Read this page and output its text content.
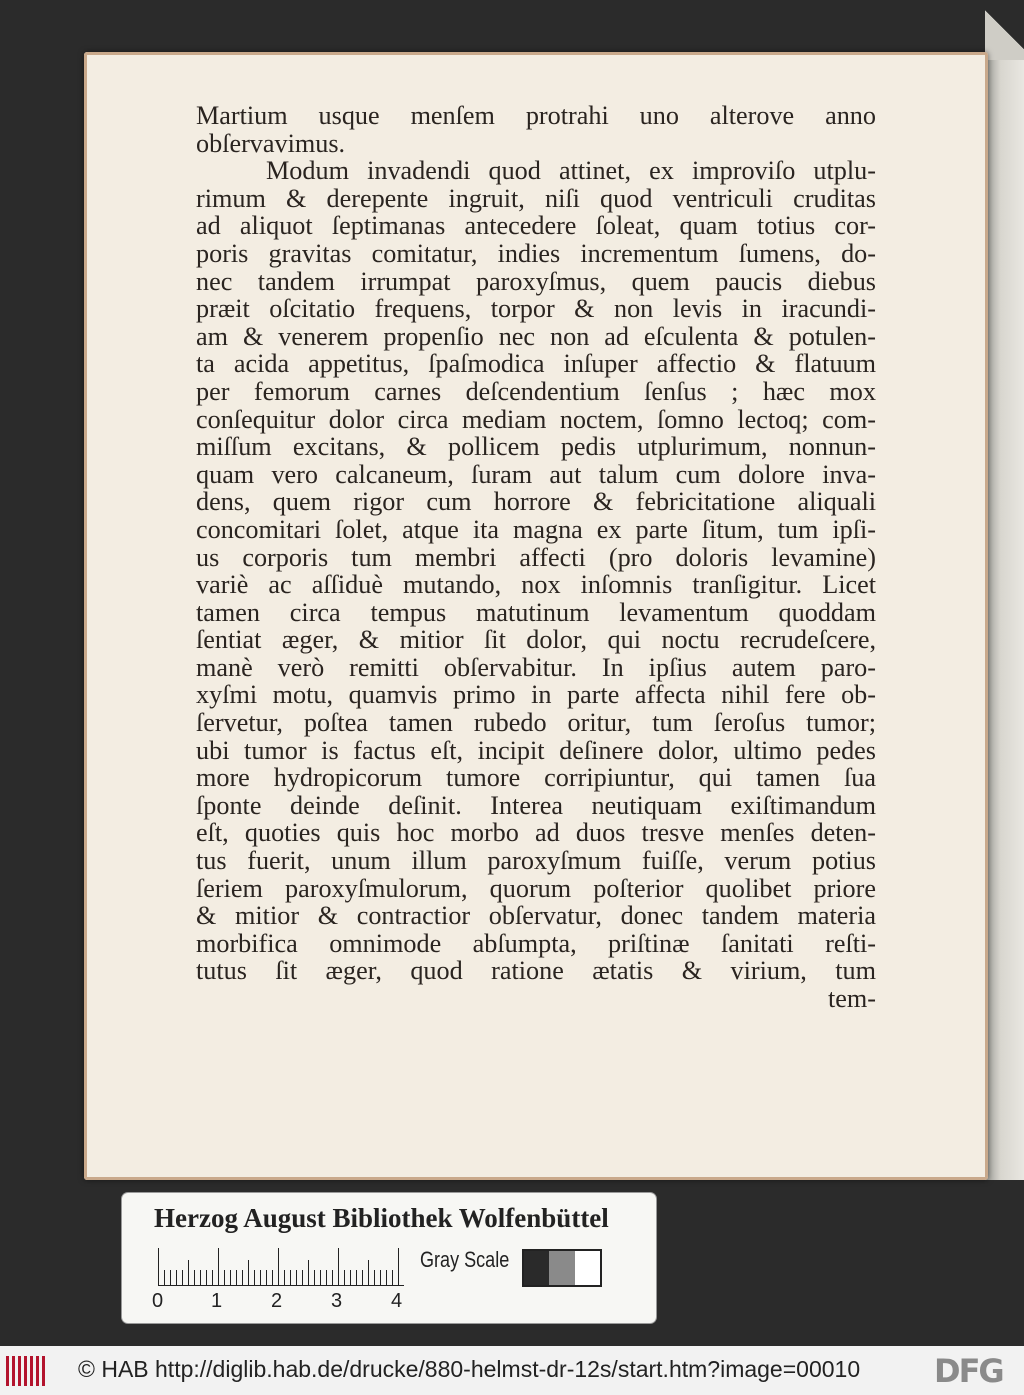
Martium usque menſem protrahi uno alterove anno
obſervavimus.
Modum invadendi quod attinet, ex improviſo utplu-
rimum & derepente ingruit, niſi quod ventriculi cruditas
ad aliquot ſeptimanas antecedere ſoleat, quam totius cor-
poris gravitas comitatur, indies incrementum ſumens, do-
nec tandem irrumpat paroxyſmus, quem paucis diebus
præit oſcitatio frequens, torpor & non levis in iracundi-
am & venerem propenſio nec non ad eſculenta & potulen-
ta acida appetitus, ſpaſmodica inſuper affectio & flatuum
per femorum carnes deſcendentium ſenſus ; hæc mox
conſequitur dolor circa mediam noctem, ſomno lectoq; com-
miſſum excitans, & pollicem pedis utplurimum, nonnun-
quam vero calcaneum, ſuram aut talum cum dolore inva-
dens, quem rigor cum horrore & febricitatione aliquali
concomitari ſolet, atque ita magna ex parte ſitum, tum ipſi-
us corporis tum membri affecti (pro doloris levamine)
variè ac aſſiduè mutando, nox inſomnis tranſigitur. Licet
tamen circa tempus matutinum levamentum quoddam
ſentiat æger, & mitior ſit dolor, qui noctu recrudeſcere,
manè verò remitti obſervabitur. In ipſius autem paro-
xyſmi motu, quamvis primo in parte affecta nihil fere ob-
ſervetur, poſtea tamen rubedo oritur, tum ſeroſus tumor;
ubi tumor is factus eſt, incipit deſinere dolor, ultimo pedes
more hydropicorum tumore corripiuntur, qui tamen ſua
ſponte deinde deſinit. Interea neutiquam exiſtimandum
eſt, quoties quis hoc morbo ad duos tresve menſes deten-
tus fuerit, unum illum paroxyſmum fuiſſe, verum potius
ſeriem paroxyſmulorum, quorum poſterior quolibet priore
& mitior & contractior obſervatur, donec tandem materia
morbifica omnimode abſumpta, priſtinæ ſanitati reſti-
tutus ſit æger, quod ratione ætatis & virium, tum
tem-
Herzog August Bibliothek Wolfenbüttel
0 1 2 3 4
Gray Scale
© HAB http://diglib.hab.de/drucke/880-helmst-dr-12s/start.htm?image=00010 DFG
